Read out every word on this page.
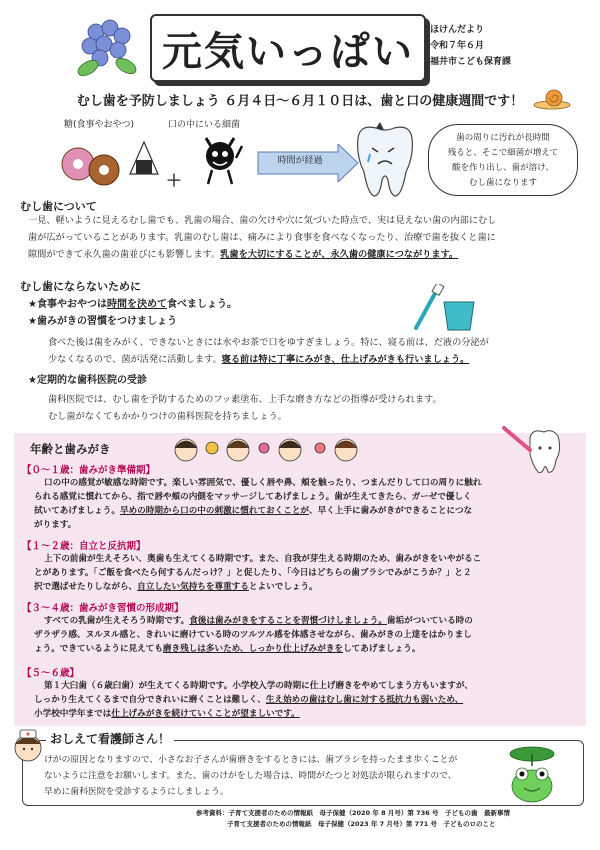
元気いっぱい	ほけんだより
令和７年６月
福井市こども保育課
むし歯を予防しましょう ６月４日～６月１０日は、歯と口の健康週間です！
糖(食事やおやつ)	口の中にいる細菌
＋
時間が経過
歯の周りに汚れが長時間
残ると、そこで細菌が増えて
酸を作り出し、歯が溶け、
むし歯になります
むし歯について
一見、軽いように見えるむし歯でも、乳歯の場合、歯の欠けや穴に気づいた時点で、実は見えない歯の内部にむし
歯が広がっていることがあります。乳歯のむし歯は、痛みにより食事を食べなくなったり、治療で歯を抜くと歯に
隙間ができて永久歯の歯並びにも影響します。乳歯を大切にすることが、永久歯の健康につながります。
むし歯にならないために
★食事やおやつは時間を決めて食べましょう。
★歯みがきの習慣をつけましょう
食べた後は歯をみがく、できないときには水やお茶で口をゆすぎましょう。特に、寝る前は、だ液の分泌が
少なくなるので、菌が活発に活動します。寝る前は特に丁寧にみがき、仕上げみがきも行いましょう。
★定期的な歯科医院の受診
歯科医院では、むし歯を予防するためのフッ素塗布、上手な磨き方などの指導が受けられます。
むし歯がなくてもかかりつけの歯科医院を持ちましょう。
年齢と歯みがき
【０～１歳：歯みがき準備期】
口の中の感覚が敏感な時期です。楽しい雰囲気で、優しく唇や鼻、頬を触ったり、つまんだりして口の周りに触れ
られる感覚に慣れてから、指で唇や頬の内側をマッサージしてあげましょう。歯が生えてきたら、ガーゼで優しく
拭いてあげましょう。早めの時期から口の中の刺激に慣れておくことが、早く上手に歯みがきができることにつな
がります。
【１～２歳：自立と反抗期】
上下の前歯が生えそろい、奥歯も生えてくる時期です。また、自我が芽生える時期のため、歯みがきをいやがるこ
とがあります。「ご飯を食べたら何するんだっけ？」と促したり、「今日はどちらの歯ブラシでみがこうか？」と２
択で選ばせたりしながら、自立したい気持ちを尊重するとよいでしょう。
【３～４歳：歯みがき習慣の形成期】
すべての乳歯が生えそろう時期です。食後は歯みがきをすることを習慣づけしましょう。歯垢がついている時の
ザラザラ感、ヌルヌル感と、きれいに磨けている時のツルツル感を体感させながら、歯みがきの上達をはかりまし
ょう。できているように見えても磨き残しは多いため、しっかり仕上げみがきをしてあげましょう。
【５～６歳】
第１大臼歯（６歳臼歯）が生えてくる時期です。小学校入学の時期に仕上げ磨きをやめてしまう方もいますが、
しっかり生えてくるまで自分できれいに磨くことは難しく、生え始めの歯はむし歯に対する抵抗力も弱いため、
小学校中学年までは仕上げみがきを続けていくことが望ましいです。
おしえて看護師さん！
けがの原因となりますので、小さなお子さんが歯磨きをするときには、歯ブラシを持ったまま歩くことが
ないように注意をお願いします。また、歯のけがをした場合は、時間がたつと対処法が限られますので、
早めに歯科医院を受診するようにしましょう。
参考資料：子育て支援者のための情報紙　母子保健（2020 年 8 月号）第 736 号　子どもの歯　最新事情
子育て支援者のための情報紙　母子保健（2023 年 7 月号）第 771 号　子どものロのこと
